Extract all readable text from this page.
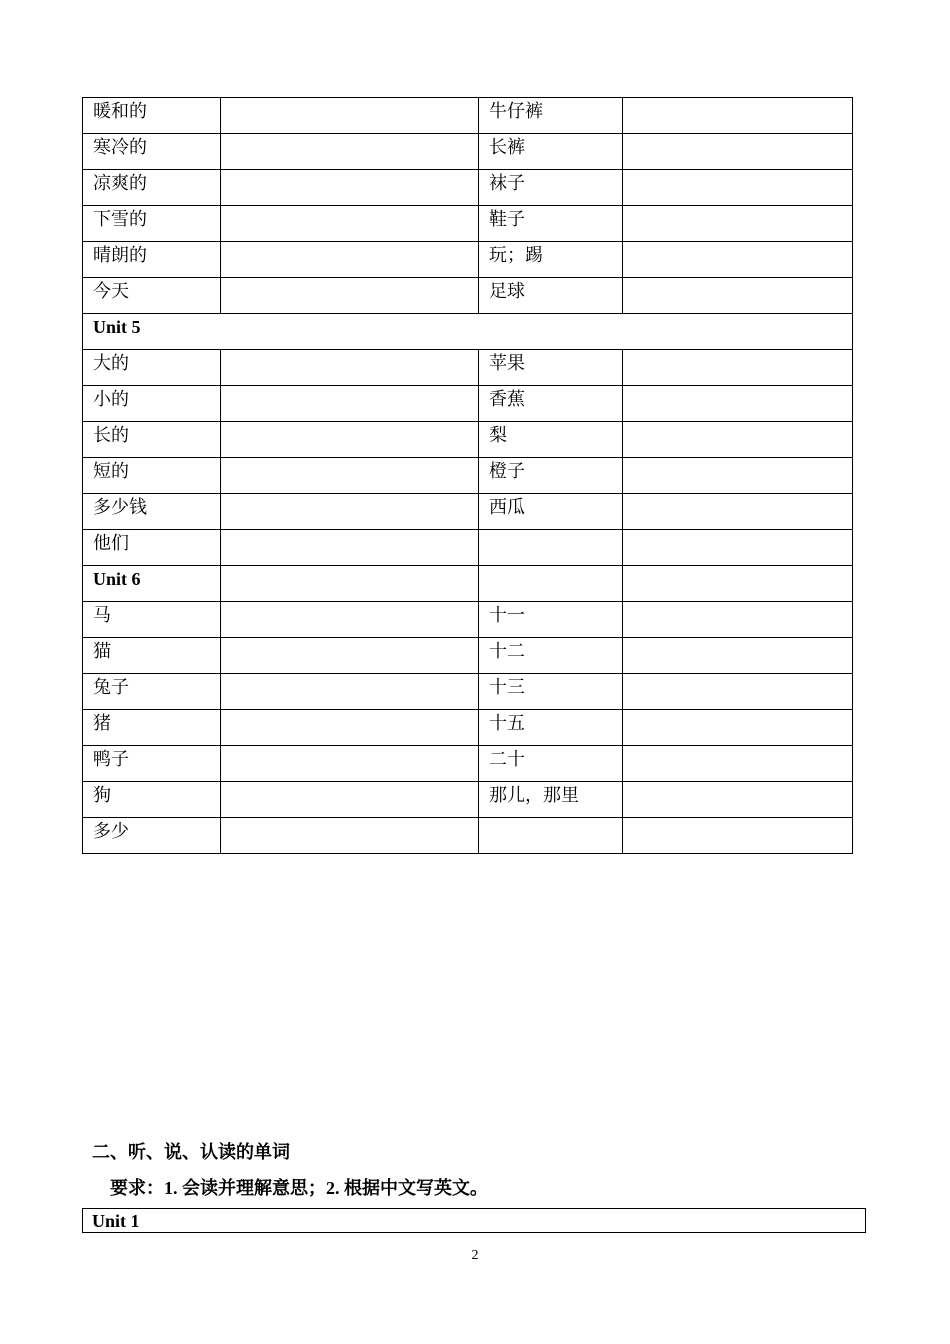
暖和的		牛仔裤	
寒冷的		长裤	
凉爽的		袜子	
下雪的		鞋子	
晴朗的		玩；踢	
今天		足球	
Unit 5			
大的		苹果	
小的		香蕉	
长的		梨	
短的		橙子	
多少钱		西瓜	
他们			
Unit 6			
马		十一	
猫		十二	
兔子		十三	
猪		十五	
鸭子		二十	
狗		那儿，那里	
多少			
二、听、说、认读的单词
要求：1. 会读并理解意思；2. 根据中文写英文。
Unit 1
2
